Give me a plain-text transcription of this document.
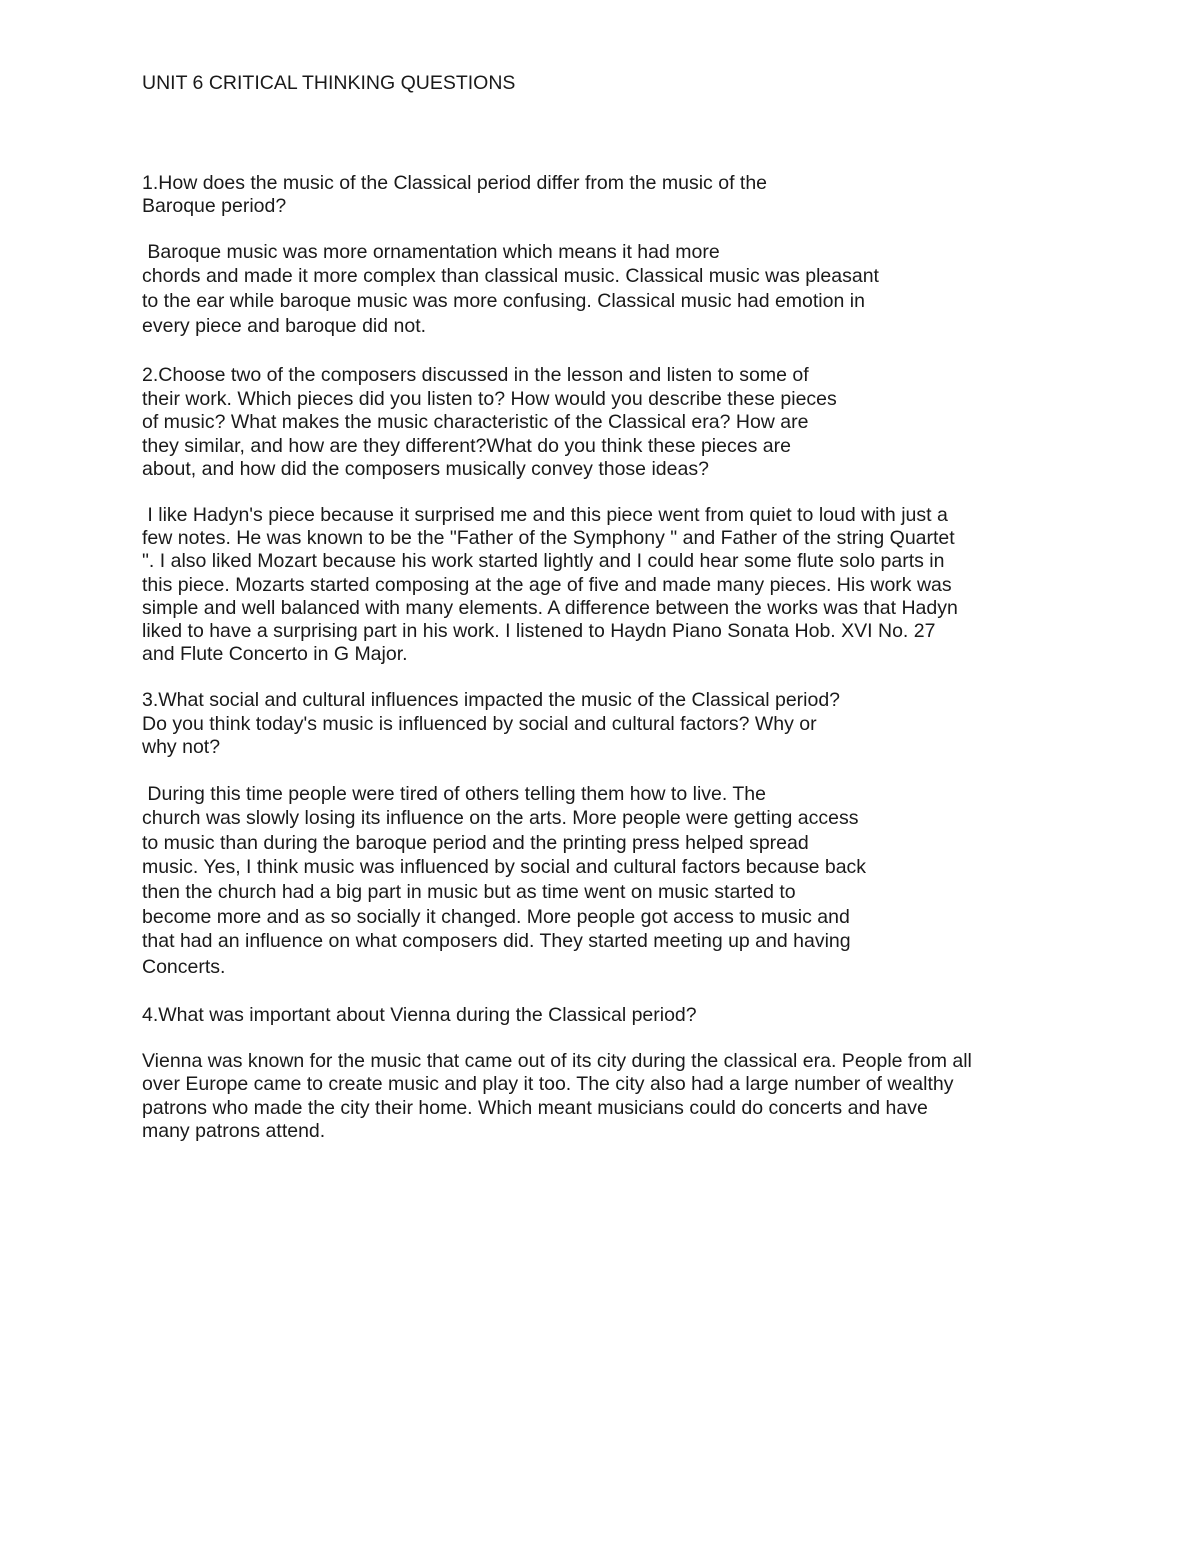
UNIT 6 CRITICAL THINKING QUESTIONS

1.How does the music of the Classical period differ from the music of the

Baroque period?

Baroque music was more ornamentation which means it had more

chords and made it more complex than classical music. Classical music was pleasant

to the ear while baroque music was more confusing. Classical music had emotion in

every piece and baroque did not.

2.Choose two of the composers discussed in the lesson and listen to some of

their work. Which pieces did you listen to? How would you describe these pieces

of music? What makes the music characteristic of the Classical era? How are

they similar, and how are they different?What do you think these pieces are

about, and how did the composers musically convey those ideas?

I like Hadyn's piece because it surprised me and this piece went from quiet to loud with just a

few notes. He was known to be the "Father of the Symphony " and Father of the string Quartet

". I also liked Mozart because his work started lightly and I could hear some flute solo parts in

this piece. Mozarts started composing at the age of five and made many pieces. His work was

simple and well balanced with many elements. A difference between the works was that Hadyn

liked to have a surprising part in his work. I listened to Haydn Piano Sonata Hob. XVI No. 27

and Flute Concerto in G Major.

3.What social and cultural influences impacted the music of the Classical period?

Do you think today's music is influenced by social and cultural factors? Why or

why not?

During this time people were tired of others telling them how to live. The

church was slowly losing its influence on the arts. More people were getting access

to music than during the baroque period and the printing press helped spread

music. Yes, I think music was influenced by social and cultural factors because back

then the church had a big part in music but as time went on music started to

become more and as so socially it changed. More people got access to music and

that had an influence on what composers did. They started meeting up and having

Concerts.

4.What was important about Vienna during the Classical period?

Vienna was known for the music that came out of its city during the classical era. People from all

over Europe came to create music and play it too. The city also had a large number of wealthy

patrons who made the city their home. Which meant musicians could do concerts and have

many patrons attend.
